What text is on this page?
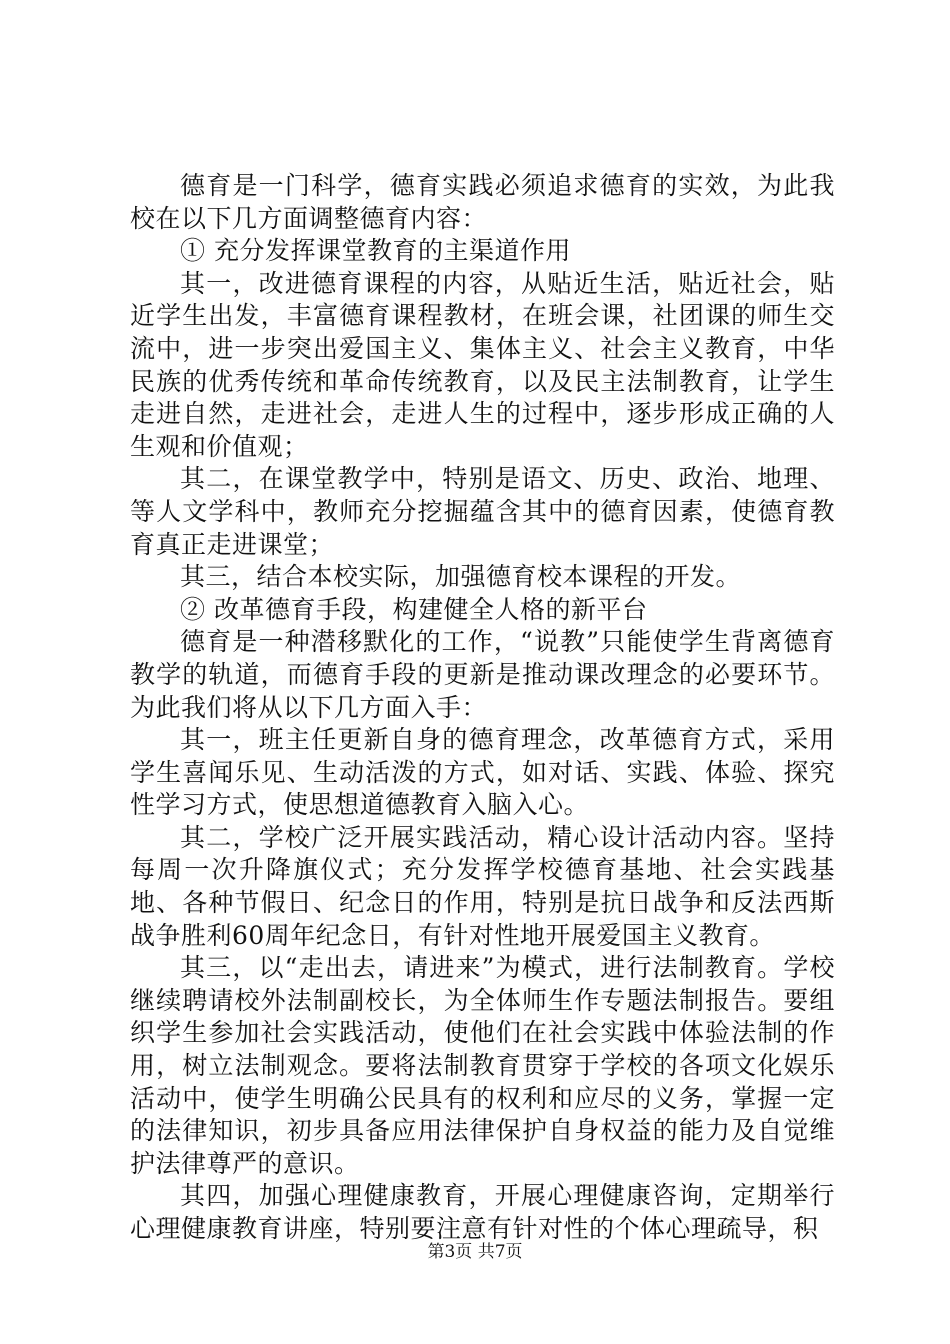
德育是一门科学，德育实践必须追求德育的实效，为此我校在以下几方面调整德育内容：

① 充分发挥课堂教育的主渠道作用

其一，改进德育课程的内容，从贴近生活，贴近社会，贴近学生出发，丰富德育课程教材，在班会课，社团课的师生交流中，进一步突出爱国主义、集体主义、社会主义教育，中华民族的优秀传统和革命传统教育，以及民主法制教育，让学生走进自然，走进社会，走进人生的过程中，逐步形成正确的人生观和价值观；

其二，在课堂教学中，特别是语文、历史、政治、地理、等人文学科中，教师充分挖掘蕴含其中的德育因素，使德育教育真正走进课堂；

其三，结合本校实际，加强德育校本课程的开发。

② 改革德育手段，构建健全人格的新平台

德育是一种潜移默化的工作，“说教”只能使学生背离德育教学的轨道，而德育手段的更新是推动课改理念的必要环节。为此我们将从以下几方面入手：

其一，班主任更新自身的德育理念，改革德育方式，采用学生喜闻乐见、生动活泼的方式，如对话、实践、体验、探究性学习方式，使思想道德教育入脑入心。

其二，学校广泛开展实践活动，精心设计活动内容。坚持每周一次升降旗仪式；充分发挥学校德育基地、社会实践基地、各种节假日、纪念日的作用，特别是抗日战争和反法西斯战争胜利60周年纪念日，有针对性地开展爱国主义教育。

其三，以“走出去，请进来”为模式，进行法制教育。学校继续聘请校外法制副校长，为全体师生作专题法制报告。要组织学生参加社会实践活动，使他们在社会实践中体验法制的作用，树立法制观念。要将法制教育贯穿于学校的各项文化娱乐活动中，使学生明确公民具有的权利和应尽的义务，掌握一定的法律知识，初步具备应用法律保护自身权益的能力及自觉维护法律尊严的意识。

其四，加强心理健康教育，开展心理健康咨询，定期举行心理健康教育讲座，特别要注意有针对性的个体心理疏导，积

第3页 共7页
